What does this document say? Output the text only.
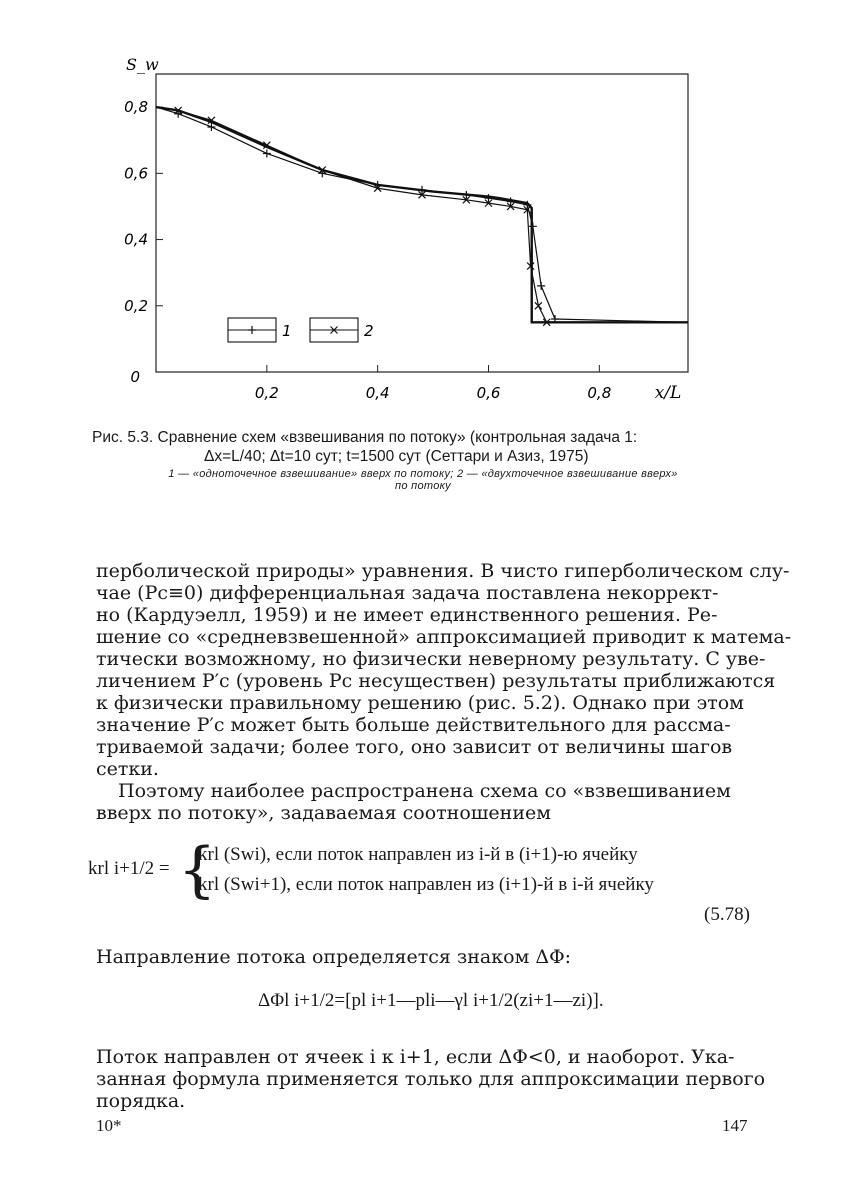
0,8
0,6
0,4
0,2
0,2	0,4	0,6	0,8
0
x/L
S_w
1	2
Рис. 5.3. Сравнение схем «взвешивания по потоку» (контрольная задача 1:
Δx=L/40; Δt=10 сут; t=1500 сут (Сеттари и Азиз, 1975)
1 — «одноточечное взвешивание» вверх по потоку; 2 — «двухточечное взвешивание вверх»
по потоку
перболической природы» уравнения. В чисто гиперболическом слу-
чае (Pc≡0) дифференциальная задача поставлена некоррект-
но (Кардуэелл, 1959) и не имеет единственного решения. Ре-
шение со «средневзвешенной» аппроксимацией приводит к матема-
тически возможному, но физически неверному результату. С уве-
личением P′c (уровень Pc несуществен) результаты приближаются
к физически правильному решению (рис. 5.2). Однако при этом
значение P′c может быть больше действительного для рассма-
триваемой задачи; более того, оно зависит от величины шагов
сетки.
Поэтому наиболее распространена схема со «взвешиванием
вверх по потоку», задаваемая соотношением
krl i+1/2 = {
krl (Swi), если поток направлен из i-й в (i+1)-ю ячейку
krl (Swi+1), если поток направлен из (i+1)-й в i-й ячейку
(5.78)
Направление потока определяется знаком ΔΦ:
ΔΦl i+1/2=[pl i+1—pli—γl i+1/2(zi+1—zi)].
Поток направлен от ячеек i к i+1, если ΔΦ<0, и наоборот. Ука-
занная формула применяется только для аппроксимации первого
порядка.
10*	147
